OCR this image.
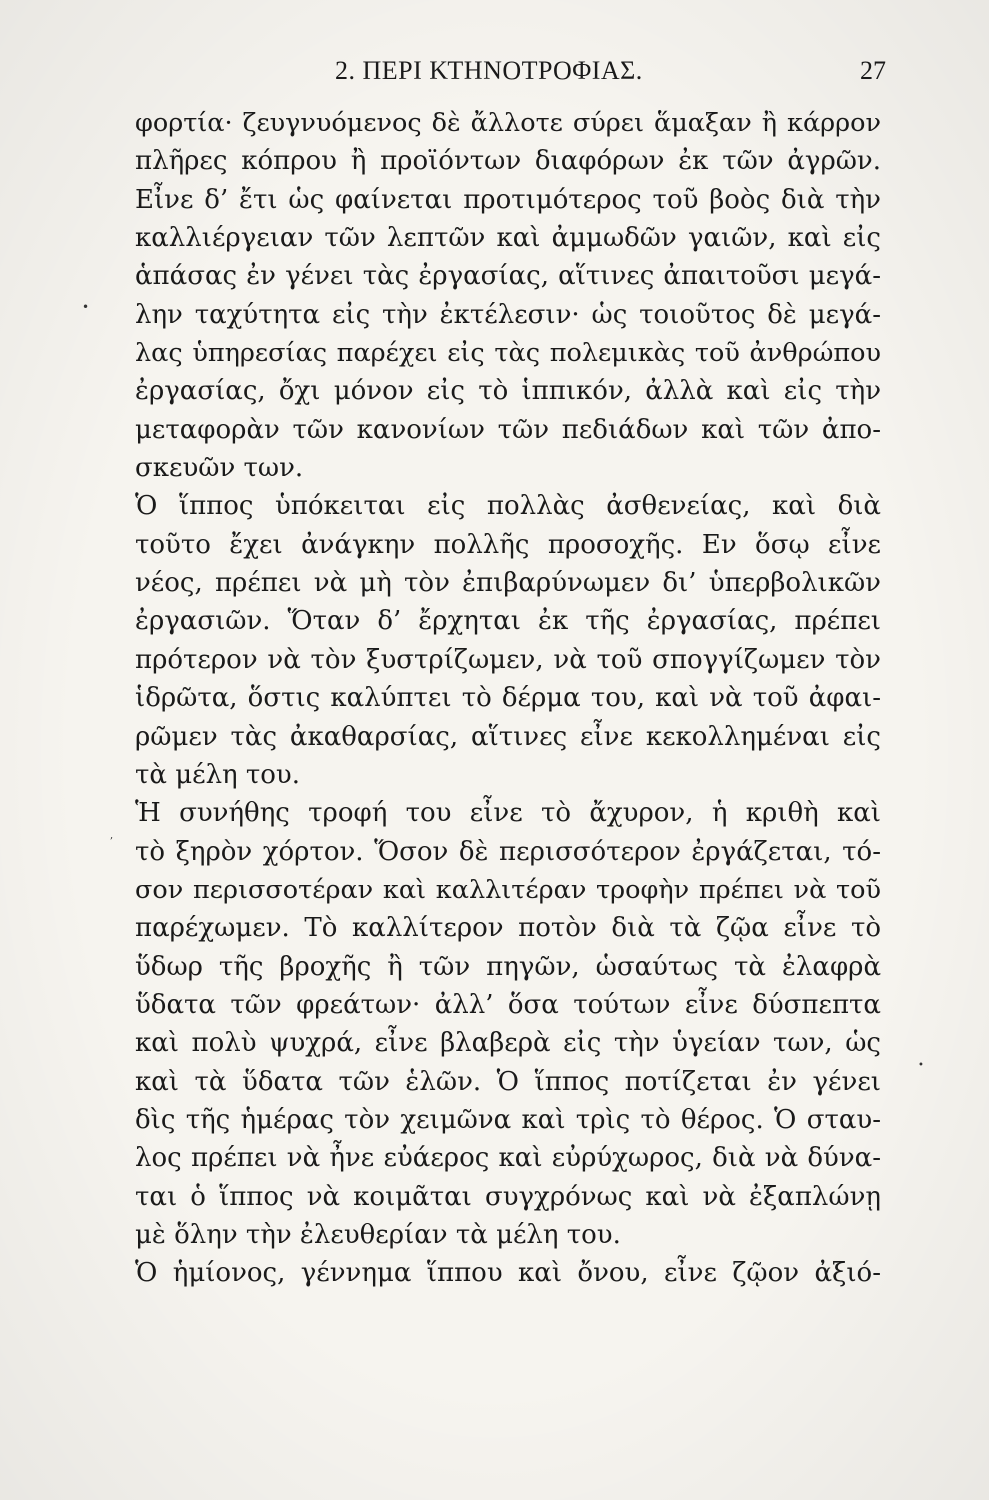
2. ΠΕΡΙ ΚΤΗΝΟΤΡΟΦΙΑΣ.	27
φορτία· ζευγνυόμενος δὲ ἄλλοτε σύρει ἅμαξαν ἢ κάρρον
πλῆρες κόπρου ἢ προϊόντων διαφόρων ἐκ τῶν ἀγρῶν.
Εἶνε δ’ ἔτι ὡς φαίνεται προτιμότερος τοῦ βοὸς διὰ τὴν
καλλιέργειαν τῶν λεπτῶν καὶ ἀμμωδῶν γαιῶν, καὶ εἰς
ἁπάσας ἐν γένει τὰς ἐργασίας, αἵτινες ἀπαιτοῦσι μεγά-
λην ταχύτητα εἰς τὴν ἐκτέλεσιν· ὡς τοιοῦτος δὲ μεγά-
λας ὑπηρεσίας παρέχει εἰς τὰς πολεμικὰς τοῦ ἀνθρώπου
ἐργασίας, ὄχι μόνον εἰς τὸ ἱππικόν, ἀλλὰ καὶ εἰς τὴν
μεταφορὰν τῶν κανονίων τῶν πεδιάδων καὶ τῶν ἀπο-
σκευῶν των.
Ὁ ἵππος ὑπόκειται εἰς πολλὰς ἀσθενείας, καὶ διὰ
τοῦτο ἔχει ἀνάγκην πολλῆς προσοχῆς. Εν ὅσῳ εἶνε
νέος, πρέπει νὰ μὴ τὸν ἐπιβαρύνωμεν δι’ ὑπερβολικῶν
ἐργασιῶν. Ὅταν δ’ ἔρχηται ἐκ τῆς ἐργασίας, πρέπει
πρότερον νὰ τὸν ξυστρίζωμεν, νὰ τοῦ σπογγίζωμεν τὸν
ἱδρῶτα, ὅστις καλύπτει τὸ δέρμα του, καὶ νὰ τοῦ ἀφαι-
ρῶμεν τὰς ἀκαθαρσίας, αἵτινες εἶνε κεκολλημέναι εἰς
τὰ μέλη του.
Ἡ συνήθης τροφή του εἶνε τὸ ἄχυρον, ἡ κριθὴ καὶ
τὸ ξηρὸν χόρτον. Ὅσον δὲ περισσότερον ἐργάζεται, τό-
σον περισσοτέραν καὶ καλλιτέραν τροφὴν πρέπει νὰ τοῦ
παρέχωμεν. Τὸ καλλίτερον ποτὸν διὰ τὰ ζῷα εἶνε τὸ
ὕδωρ τῆς βροχῆς ἢ τῶν πηγῶν, ὡσαύτως τὰ ἐλαφρὰ
ὕδατα τῶν φρεάτων· ἀλλ’ ὅσα τούτων εἶνε δύσπεπτα
καὶ πολὺ ψυχρά, εἶνε βλαβερὰ εἰς τὴν ὑγείαν των, ὡς
καὶ τὰ ὕδατα τῶν ἑλῶν. Ὁ ἵππος ποτίζεται ἐν γένει
δὶς τῆς ἡμέρας τὸν χειμῶνα καὶ τρὶς τὸ θέρος. Ὁ σταυ-
λος πρέπει νὰ ἦνε εὐάερος καὶ εὐρύχωρος, διὰ νὰ δύνα-
ται ὁ ἵππος νὰ κοιμᾶται συγχρόνως καὶ νὰ ἐξαπλώνῃ
μὲ ὅλην τὴν ἐλευθερίαν τὰ μέλη του.
Ὁ ἡμίονος, γέννημα ἵππου καὶ ὄνου, εἶνε ζῷον ἀξιό-
•
,
•
